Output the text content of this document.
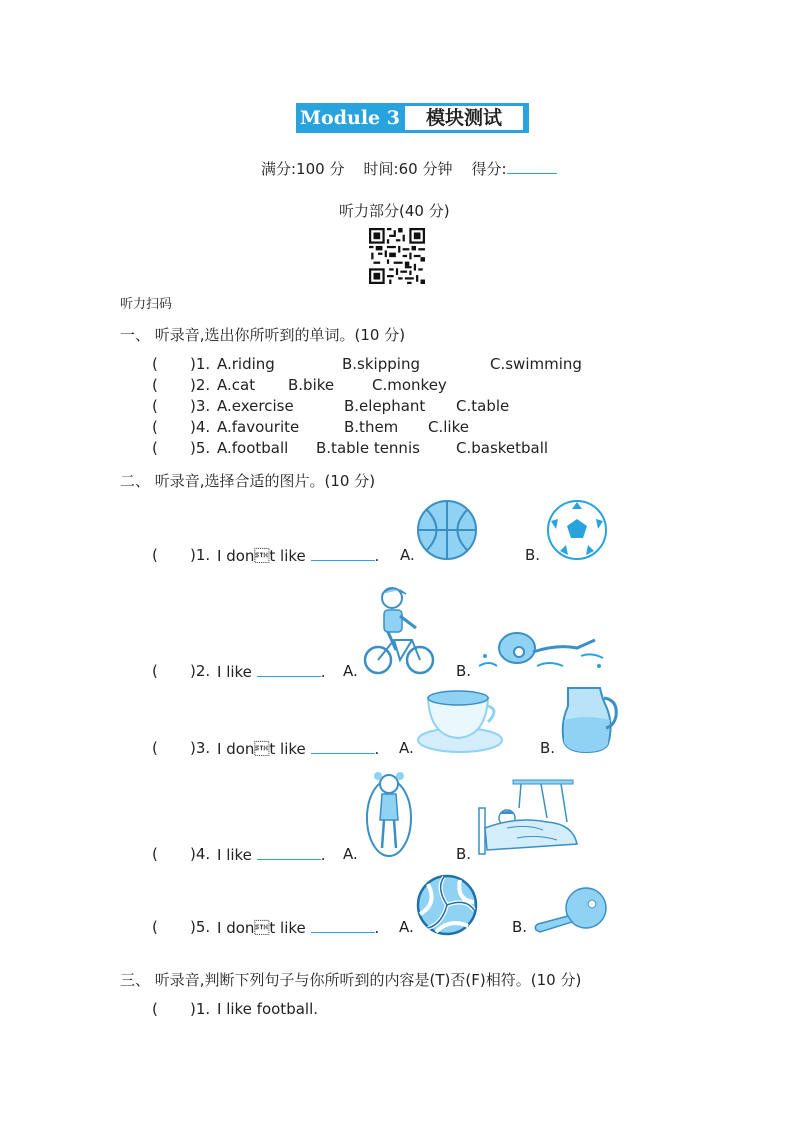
Module 3	模块测试
满分:100 分 时间:60 分钟 得分:
听力部分(40 分)
听力扫码
一、 听录音,选出你所听到的单词。(10 分)
( )1. A.riding	B.skipping	C.swimming
( )2. A.cat B.bike	C.monkey
( )3. A.exercise	B.elephant C.table
( )4. A.favourite	B.them C.like
( )5. A.football B.table tennis C.basketball
二、 听录音,选择合适的图片。(10 分)
( )1. I dont like	. A.	B.
( )2. I like	. A.	B.
( )3. I dont like	. A.	B.
( )4. I like	. A.	B.
( )5. I dont like	. A.	B.
三、 听录音,判断下列句子与你所听到的内容是(T)否(F)相符。(10 分)
( )1. I like football.
